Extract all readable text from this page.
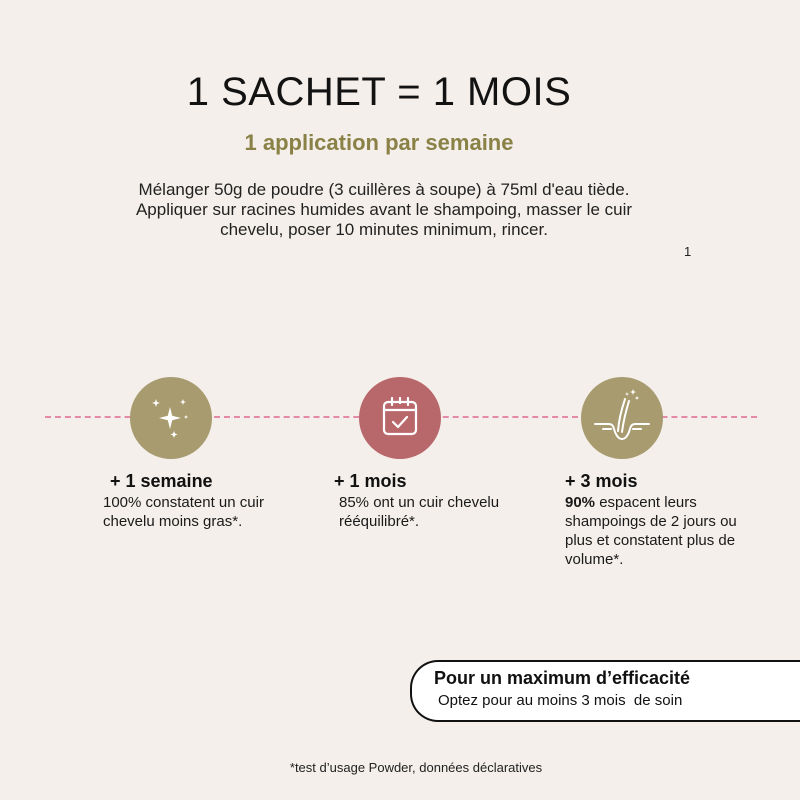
1 SACHET = 1 MOIS
1 application par semaine
Mélanger 50g de poudre (3 cuillères à soupe) à 75ml d'eau tiède.
Appliquer sur racines humides avant le shampoing, masser le cuir
chevelu, poser 10 minutes minimum, rincer.
1
+ 1 semaine
100% constatent un cuir chevelu moins gras*.
+ 1 mois
85% ont un cuir chevelu rééquilibré*.
+ 3 mois
90% espacent leurs shampoings de 2 jours ou plus et constatent plus de volume*.
Pour un maximum d’efficacité
Optez pour au moins 3 mois  de soin
*test d’usage Powder, données déclaratives
